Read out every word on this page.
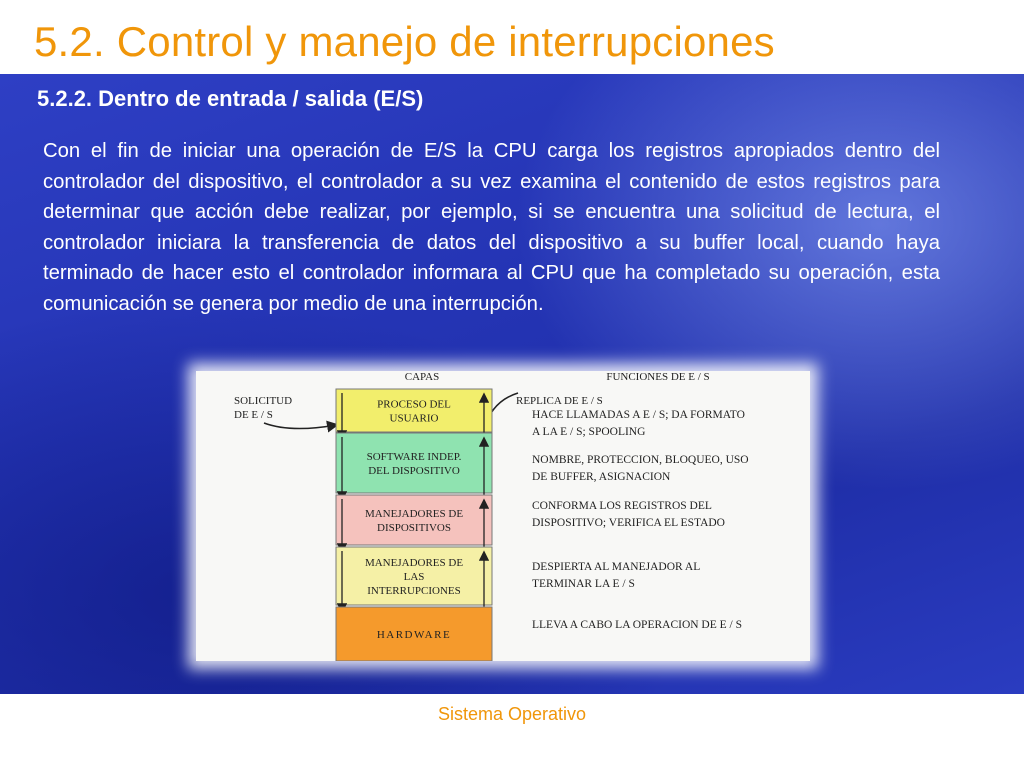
5.2. Control y manejo de interrupciones
5.2.2. Dentro de entrada / salida (E/S)

Con el fin de iniciar una operación de E/S la CPU carga los registros apropiados dentro del controlador del dispositivo, el controlador a su vez examina el contenido de estos registros para determinar que acción debe realizar, por ejemplo, si se encuentra una solicitud de lectura, el controlador iniciara la transferencia de datos del dispositivo a su buffer local, cuando haya terminado de hacer esto el controlador informara al CPU que ha completado su operación, esta comunicación se genera por medio de una interrupción.

CAPAS	FUNCIONES DE E / S
SOLICITUD
DE E / S
REPLICA DE E / S
PROCESO DEL
USUARIO
SOFTWARE INDEP.
DEL DISPOSITIVO
MANEJADORES DE
DISPOSITIVOS
MANEJADORES DE
LAS
INTERRUPCIONES
HARDWARE
HACE LLAMADAS A E / S; DA FORMATO
A LA E / S; SPOOLING
NOMBRE, PROTECCION, BLOQUEO, USO
DE BUFFER, ASIGNACION
CONFORMA LOS REGISTROS DEL
DISPOSITIVO; VERIFICA EL ESTADO
DESPIERTA AL MANEJADOR AL
TERMINAR LA E / S
LLEVA A CABO LA OPERACION DE E / S
Sistema Operativo
